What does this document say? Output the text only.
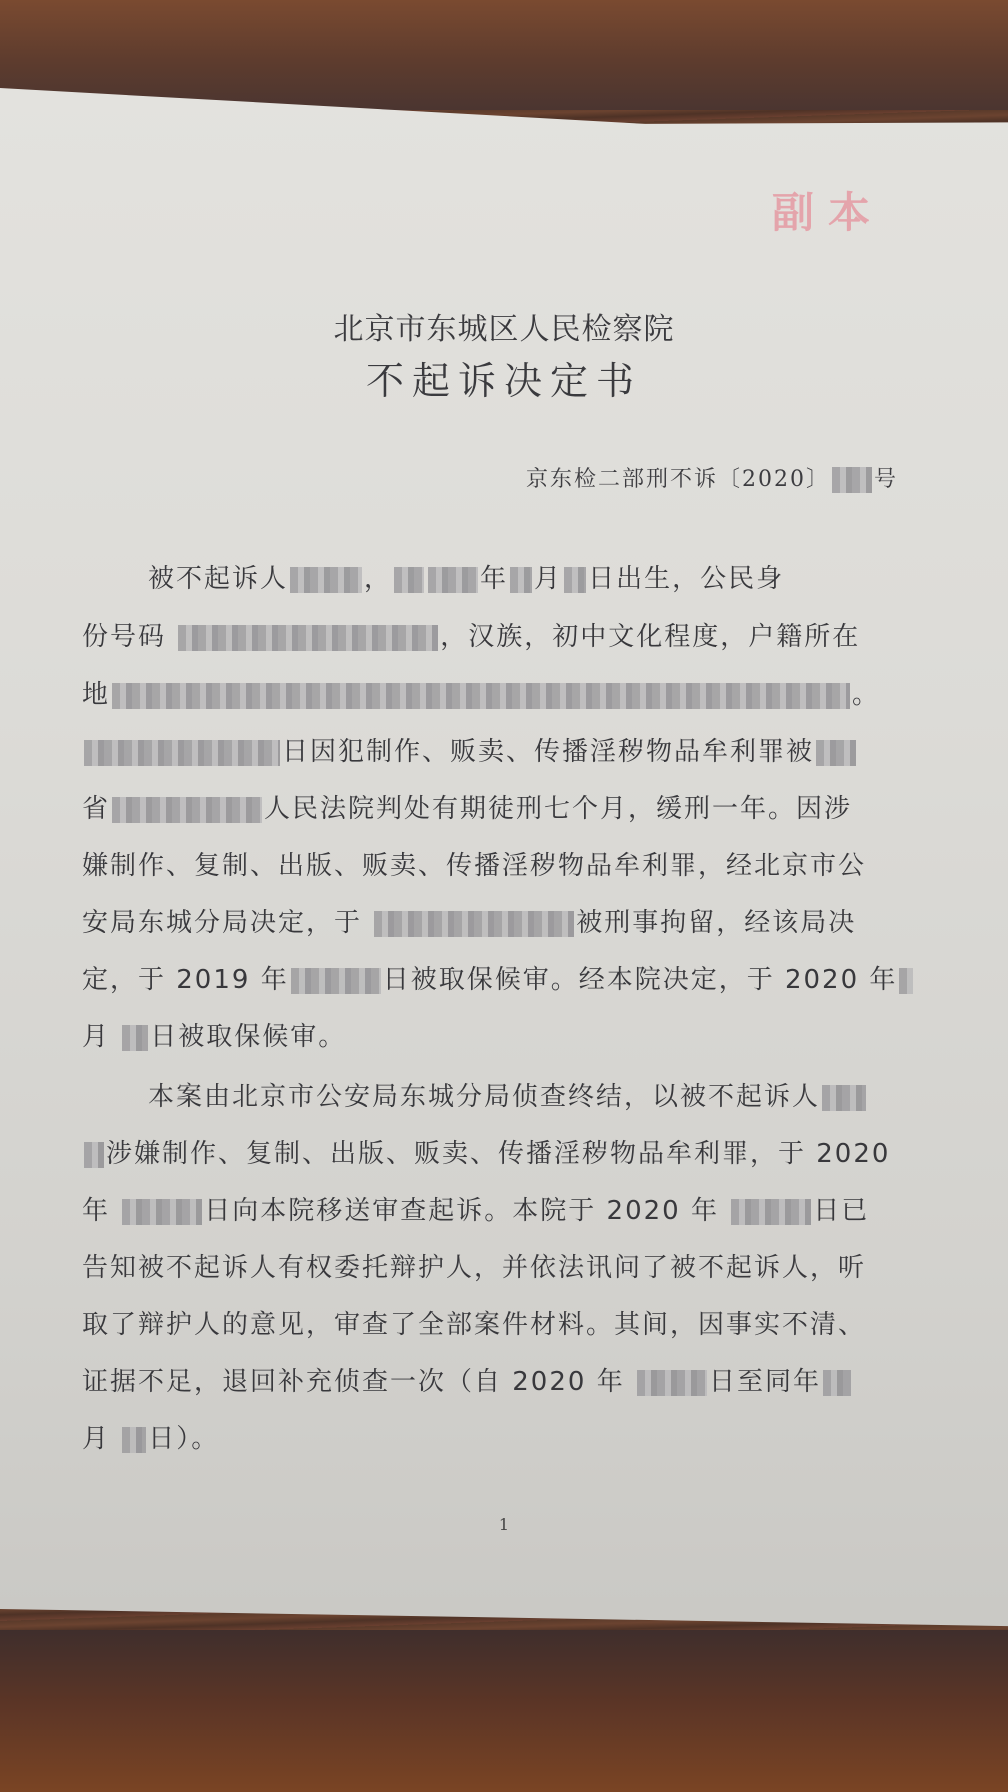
副本
北京市东城区人民检察院
不起诉决定书
京东检二部刑不诉〔2020〕 号
被不起诉人	，	年 月 日出生，公民身
份号码	，汉族，初中文化程度，户籍所在
地	。
日因犯制作、贩卖、传播淫秽物品牟利罪被
省	人民法院判处有期徒刑七个月，缓刑一年。因涉
嫌制作、复制、出版、贩卖、传播淫秽物品牟利罪，经北京市公
安局东城分局决定，于	被刑事拘留，经该局决
定，于 2019 年	日被取保候审。经本院决定，于 2020 年
月 日被取保候审。
本案由北京市公安局东城分局侦查终结，以被不起诉人
涉嫌制作、复制、出版、贩卖、传播淫秽物品牟利罪，于 2020
年	日向本院移送审查起诉。本院于 2020 年	日已
告知被不起诉人有权委托辩护人，并依法讯问了被不起诉人，听
取了辩护人的意见，审查了全部案件材料。其间，因事实不清、
证据不足，退回补充侦查一次（自 2020 年	日至同年
月 日）。
1
